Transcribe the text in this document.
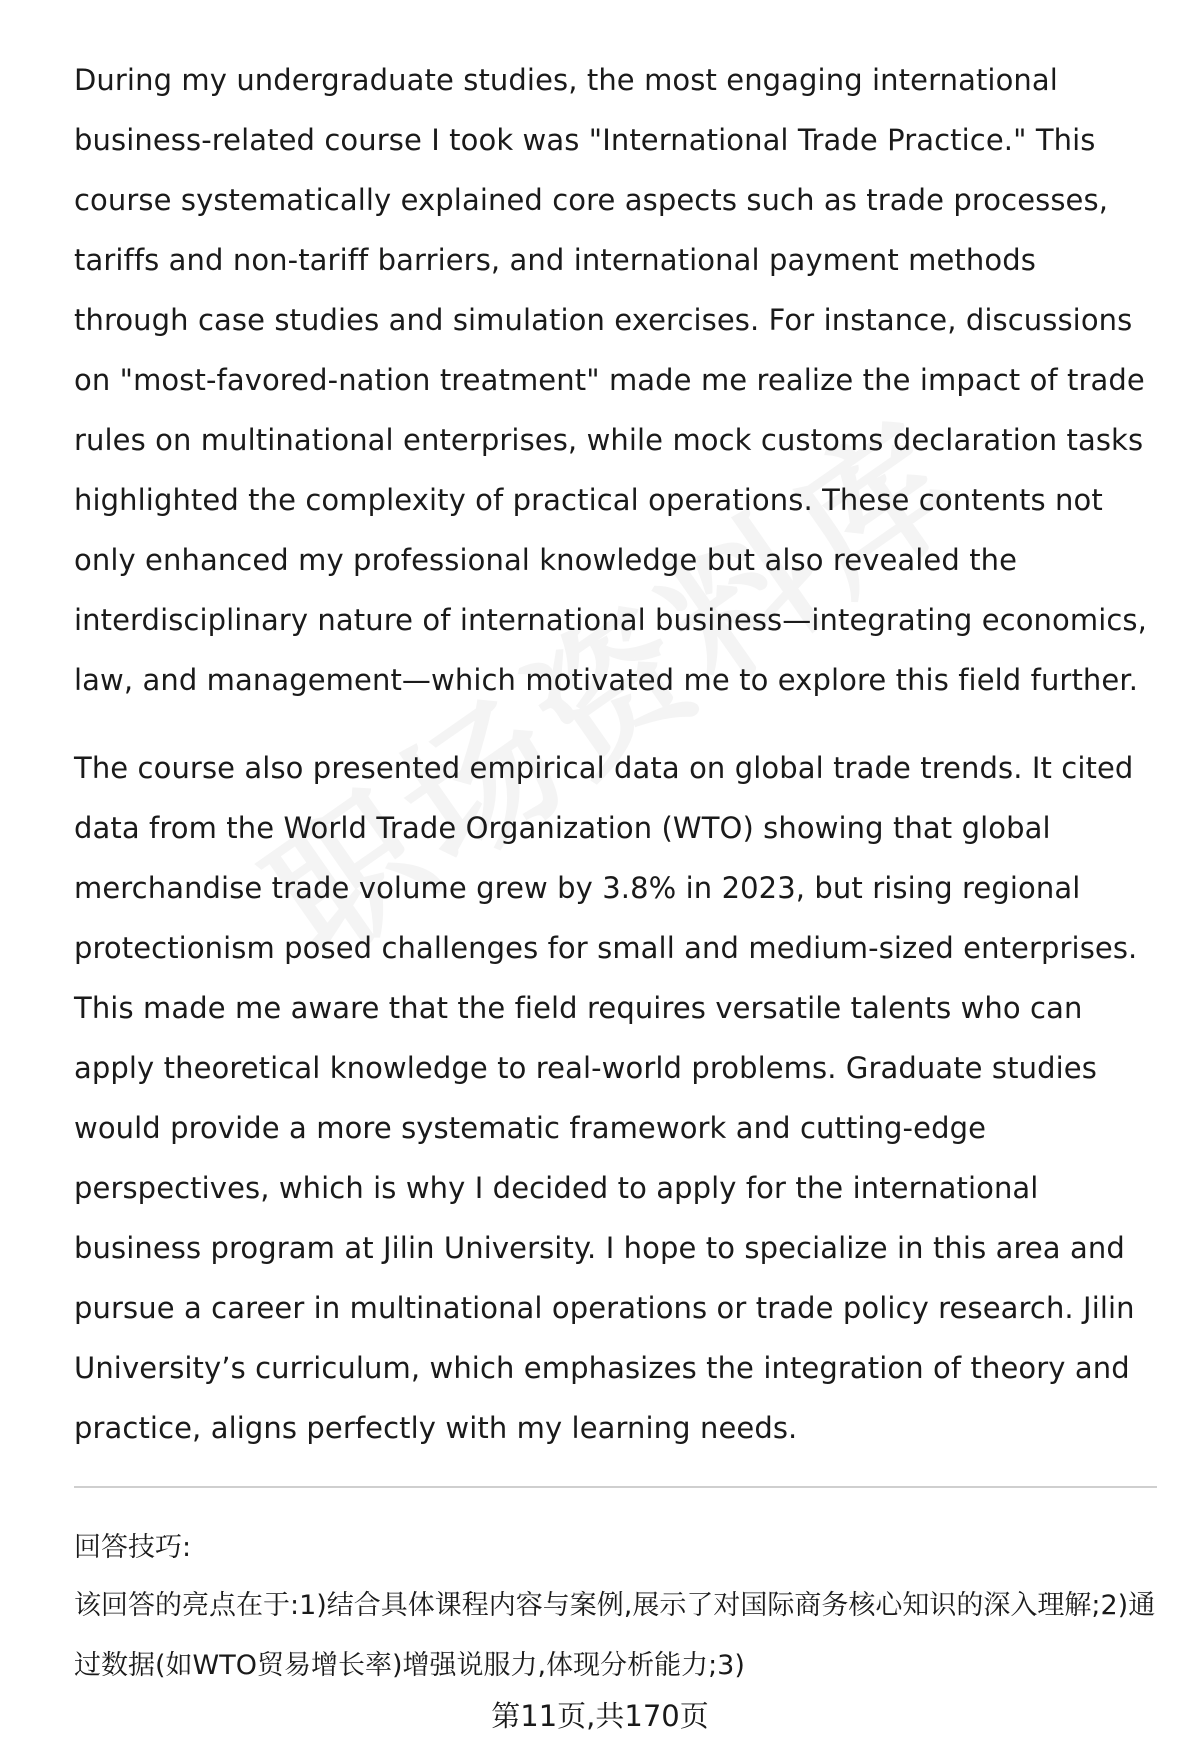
During my undergraduate studies, the most engaging international business-related course I took was "International Trade Practice." This course systematically explained core aspects such as trade processes, tariffs and non-tariff barriers, and international payment methods through case studies and simulation exercises. For instance, discussions on "most-favored-nation treatment" made me realize the impact of trade rules on multinational enterprises, while mock customs declaration tasks highlighted the complexity of practical operations. These contents not only enhanced my professional knowledge but also revealed the interdisciplinary nature of international business—integrating economics, law, and management—which motivated me to explore this field further.

The course also presented empirical data on global trade trends. It cited data from the World Trade Organization (WTO) showing that global merchandise trade volume grew by 3.8% in 2023, but rising regional protectionism posed challenges for small and medium-sized enterprises. This made me aware that the field requires versatile talents who can apply theoretical knowledge to real-world problems. Graduate studies would provide a more systematic framework and cutting-edge perspectives, which is why I decided to apply for the international business program at Jilin University. I hope to specialize in this area and pursue a career in multinational operations or trade policy research. Jilin University’s curriculum, which emphasizes the integration of theory and practice, aligns perfectly with my learning needs.

回答技巧:

该回答的亮点在于:1)结合具体课程内容与案例,展示了对国际商务核心知识的深入理解;2)通过数据(如WTO贸易增长率)增强说服力,体现分析能力;3)

第11页,共170页
